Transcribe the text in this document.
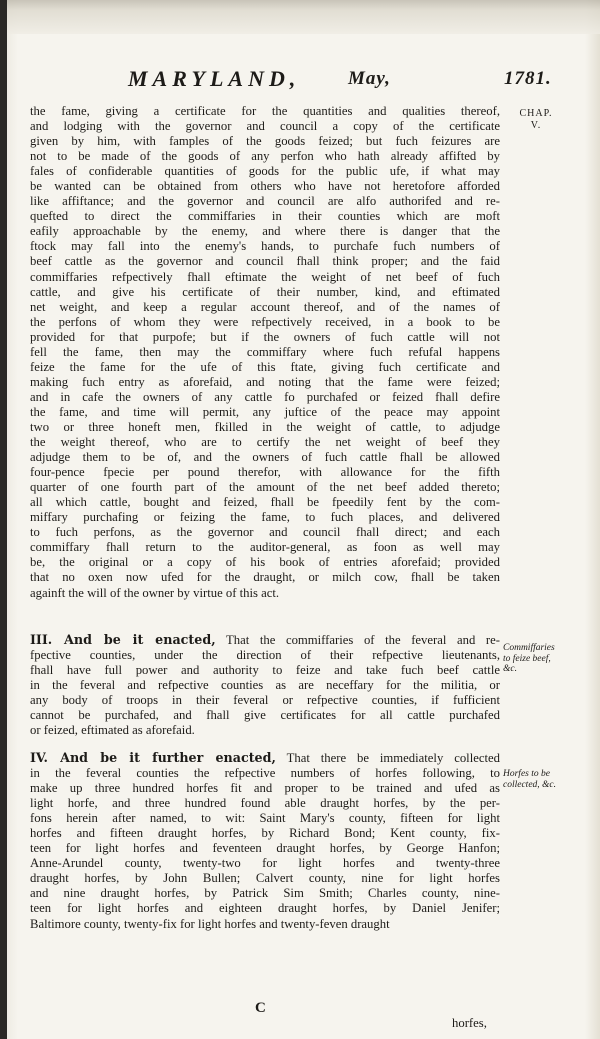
MARYLAND,	May,	1781.
CHAP.
V.
the fame, giving a certificate for the quantities and qualities thereof,
and lodging with the governor and council a copy of the certificate
given by him, with famples of the goods feized; but fuch feizures are
not to be made of the goods of any perfon who hath already affifted by
fales of confiderable quantities of goods for the public ufe, if what may
be wanted can be obtained from others who have not heretofore afforded
like affiftance; and the governor and council are alfo authorifed and re-
quefted to direct the commiffaries in their counties which are moft
eafily approachable by the enemy, and where there is danger that the
ftock may fall into the enemy's hands, to purchafe fuch numbers of
beef cattle as the governor and council fhall think proper; and the faid
commiffaries refpectively fhall eftimate the weight of net beef of fuch
cattle, and give his certificate of their number, kind, and eftimated
net weight, and keep a regular account thereof, and of the names of
the perfons of whom they were refpectively received, in a book to be
provided for that purpofe; but if the owners of fuch cattle will not
fell the fame, then may the commiffary where fuch refufal happens
feize the fame for the ufe of this ftate, giving fuch certificate and
making fuch entry as aforefaid, and noting that the fame were feized;
and in cafe the owners of any cattle fo purchafed or feized fhall defire
the fame, and time will permit, any juftice of the peace may appoint
two or three honeft men, fkilled in the weight of cattle, to adjudge
the weight thereof, who are to certify the net weight of beef they
adjudge them to be of, and the owners of fuch cattle fhall be allowed
four-pence fpecie per pound therefor, with allowance for the fifth
quarter of one fourth part of the amount of the net beef added thereto;
all which cattle, bought and feized, fhall be fpeedily fent by the com-
miffary purchafing or feizing the fame, to fuch places, and delivered
to fuch perfons, as the governor and council fhall direct; and each
commiffary fhall return to the auditor-general, as foon as well may
be, the original or a copy of his book of entries aforefaid; provided
that no oxen now ufed for the draught, or milch cow, fhall be taken
againft the will of the owner by virtue of this act.
III. And be it enacted, That the commiffaries of the feveral and re-
fpective counties, under the direction of their refpective lieutenants,
fhall have full power and authority to feize and take fuch beef cattle
in the feveral and refpective counties as are neceffary for the militia, or
any body of troops in their feveral or refpective counties, if fufficient
cannot be purchafed, and fhall give certificates for all cattle purchafed
or feized, eftimated as aforefaid.
IV. And be it further enacted, That there be immediately collected
in the feveral counties the refpective numbers of horfes following, to
make up three hundred horfes fit and proper to be trained and ufed as
light horfe, and three hundred found able draught horfes, by the per-
fons herein after named, to wit: Saint Mary's county, fifteen for light
horfes and fifteen draught horfes, by Richard Bond; Kent county, fix-
teen for light horfes and feventeen draught horfes, by George Hanfon;
Anne-Arundel county, twenty-two for light horfes and twenty-three
draught horfes, by John Bullen; Calvert county, nine for light horfes
and nine draught horfes, by Patrick Sim Smith; Charles county, nine-
teen for light horfes and eighteen draught horfes, by Daniel Jenifer;
Baltimore county, twenty-fix for light horfes and twenty-feven draught
Commiffaries
to feize beef,
&c.
Horfes to be
collected, &c.
C
horfes,
